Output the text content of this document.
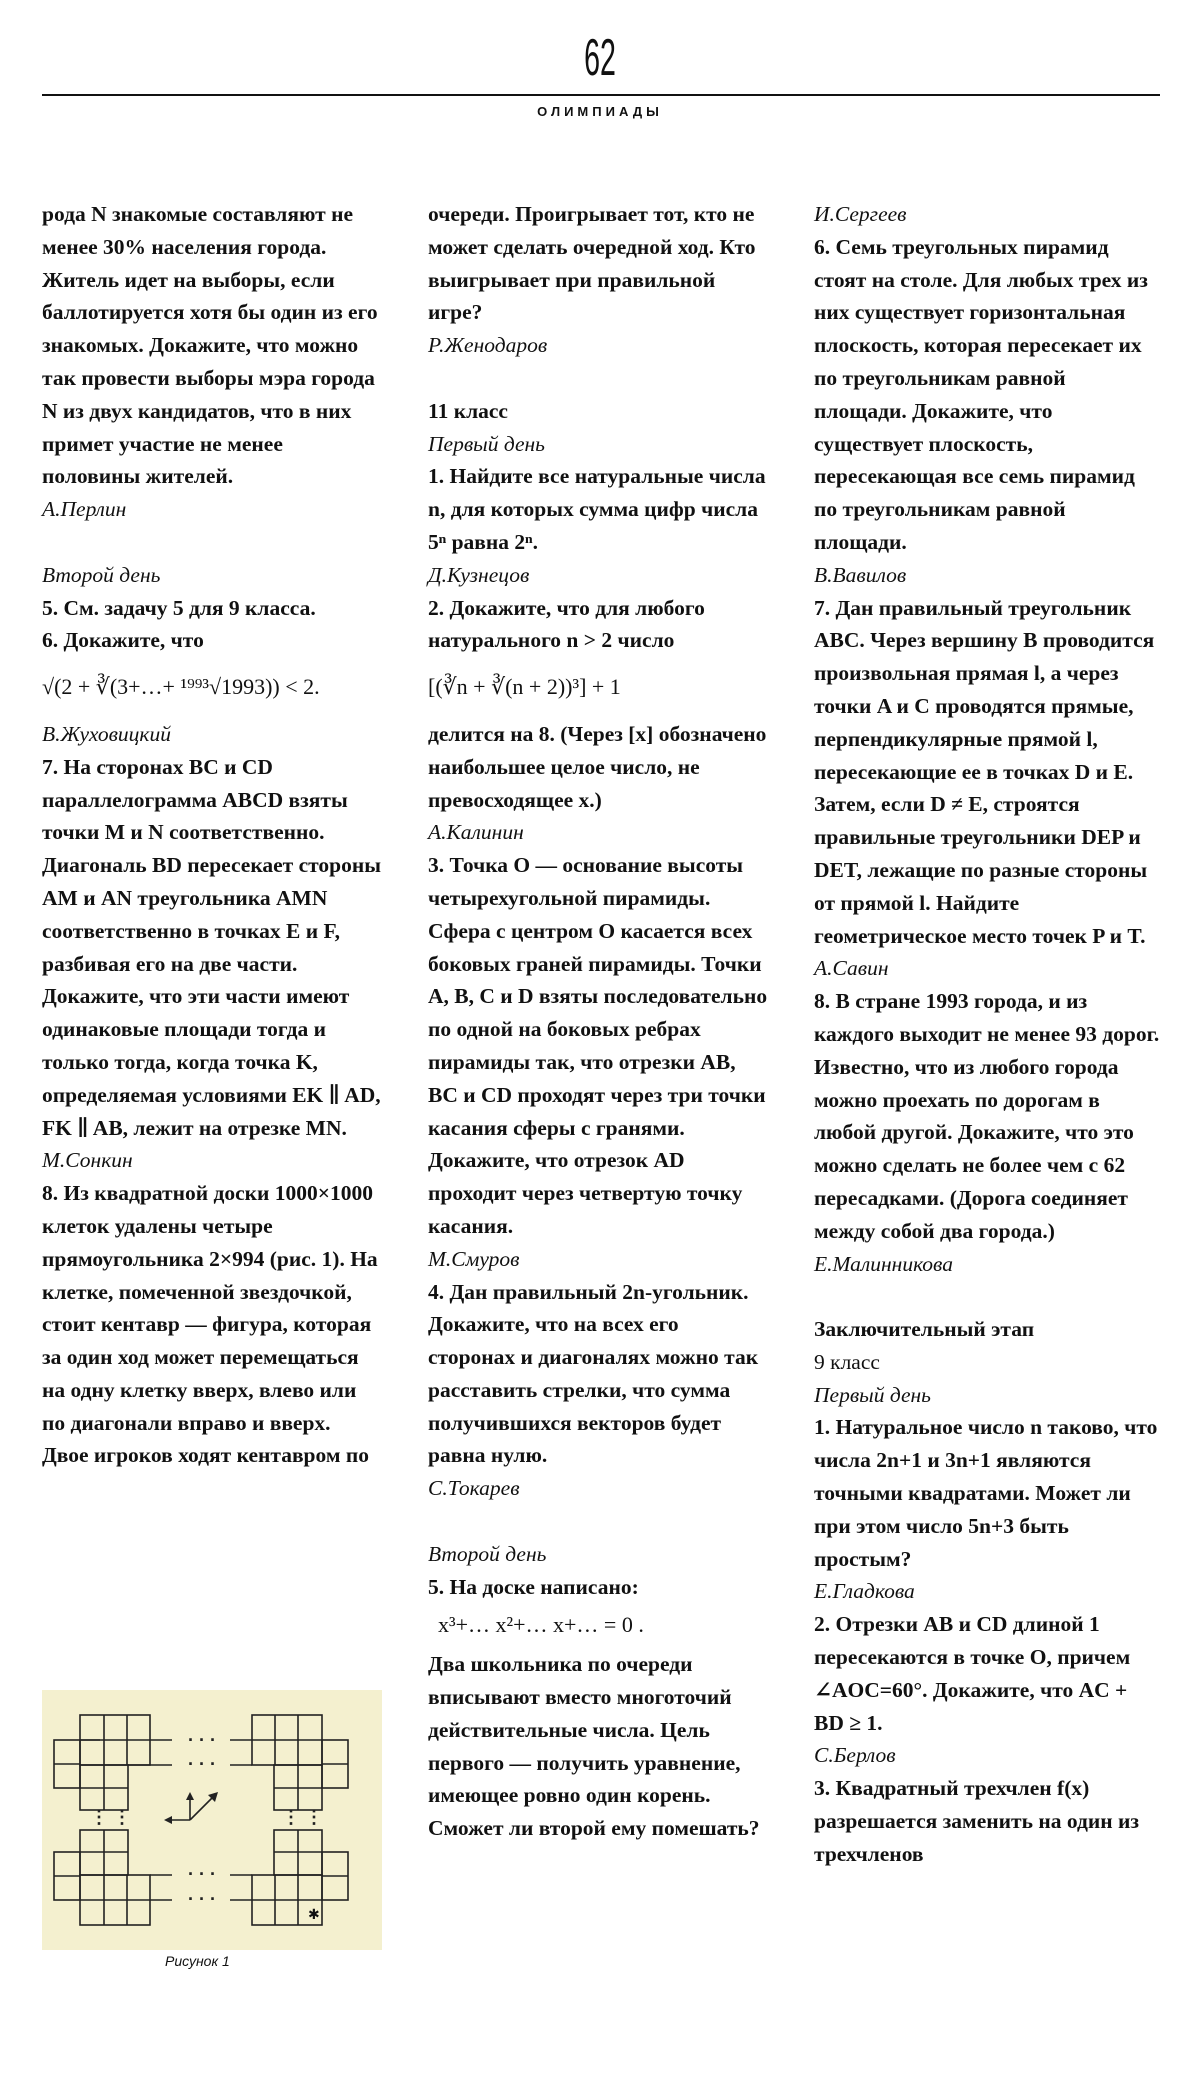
62
ОЛИМПИАДЫ

рода N знакомые составляют не менее 30% населения города. Житель идет на выборы, если баллотируется хотя бы один из его знакомых. Докажите, что можно так провести выборы мэра города N из двух кандидатов, что в них примет участие не менее половины жителей.

А.Перлин

Второй день

5. См. задачу 5 для 9 класса.

6. Докажите, что

√(2 + ∛(3+…+ ¹⁹⁹³√1993)) < 2.

В.Жуховицкий

7. На сторонах BC и CD параллелограмма ABCD взяты точки M и N соответственно. Диагональ BD пересекает стороны AM и AN треугольника AMN соответственно в точках E и F, разбивая его на две части. Докажите, что эти части имеют одинаковые площади тогда и только тогда, когда точка K, определяемая условиями EK ∥ AD, FK ∥ AB, лежит на отрезке MN.

М.Сонкин

8. Из квадратной доски 1000×1000 клеток удалены четыре прямоугольника 2×994 (рис. 1). На клетке, помеченной звездочкой, стоит кентавр — фигура, которая за один ход может перемещаться на одну клетку вверх, влево или по диагонали вправо и вверх. Двое игроков ходят кентавром по

· · ·
· · ·
· · ·
· · ·
⋮ ⋮	⋮ ⋮
✱
Рисунок 1

очереди. Проигрывает тот, кто не может сделать очередной ход. Кто выигрывает при правильной игре?

Р.Женодаров

11 класс

Первый день

1. Найдите все натуральные числа n, для которых сумма цифр числа 5ⁿ равна 2ⁿ.

Д.Кузнецов

2. Докажите, что для любого натурального n > 2 число

[(∛n + ∛(n + 2))³] + 1

делится на 8. (Через [x] обозначено наибольшее целое число, не превосходящее x.)

А.Калинин

3. Точка O — основание высоты четырехугольной пирамиды. Сфера с центром O касается всех боковых граней пирамиды. Точки A, B, C и D взяты последовательно по одной на боковых ребрах пирамиды так, что отрезки AB, BC и CD проходят через три точки касания сферы с гранями. Докажите, что отрезок AD проходит через четвертую точку касания.

М.Смуров

4. Дан правильный 2n-угольник. Докажите, что на всех его сторонах и диагоналях можно так расставить стрелки, что сумма получившихся векторов будет равна нулю.

С.Токарев

Второй день

5. На доске написано:

x³+… x²+… x+… = 0 .

Два школьника по очереди вписывают вместо многоточий действительные числа. Цель первого — получить уравнение, имеющее ровно один корень. Сможет ли второй ему помешать?

И.Сергеев

6. Семь треугольных пирамид стоят на столе. Для любых трех из них существует горизонтальная плоскость, которая пересекает их по треугольникам равной площади. Докажите, что существует плоскость, пересекающая все семь пирамид по треугольникам равной площади.

В.Вавилов

7. Дан правильный треугольник ABC. Через вершину B проводится произвольная прямая l, а через точки A и C проводятся прямые, перпендикулярные прямой l, пересекающие ее в точках D и E. Затем, если D ≠ E, строятся правильные треугольники DEP и DET, лежащие по разные стороны от прямой l. Найдите геометрическое место точек P и T.

А.Савин

8. В стране 1993 города, и из каждого выходит не менее 93 дорог. Известно, что из любого города можно проехать по дорогам в любой другой. Докажите, что это можно сделать не более чем с 62 пересадками. (Дорога соединяет между собой два города.)

Е.Малинникова

Заключительный этап

9 класс

Первый день

1. Натуральное число n таково, что числа 2n+1 и 3n+1 являются точными квадратами. Может ли при этом число 5n+3 быть простым?

Е.Гладкова

2. Отрезки AB и CD длиной 1 пересекаются в точке O, причем ∠AOC=60°. Докажите, что AC + BD ≥ 1.

С.Берлов

3. Квадратный трехчлен f(x) разрешается заменить на один из трехчленов
